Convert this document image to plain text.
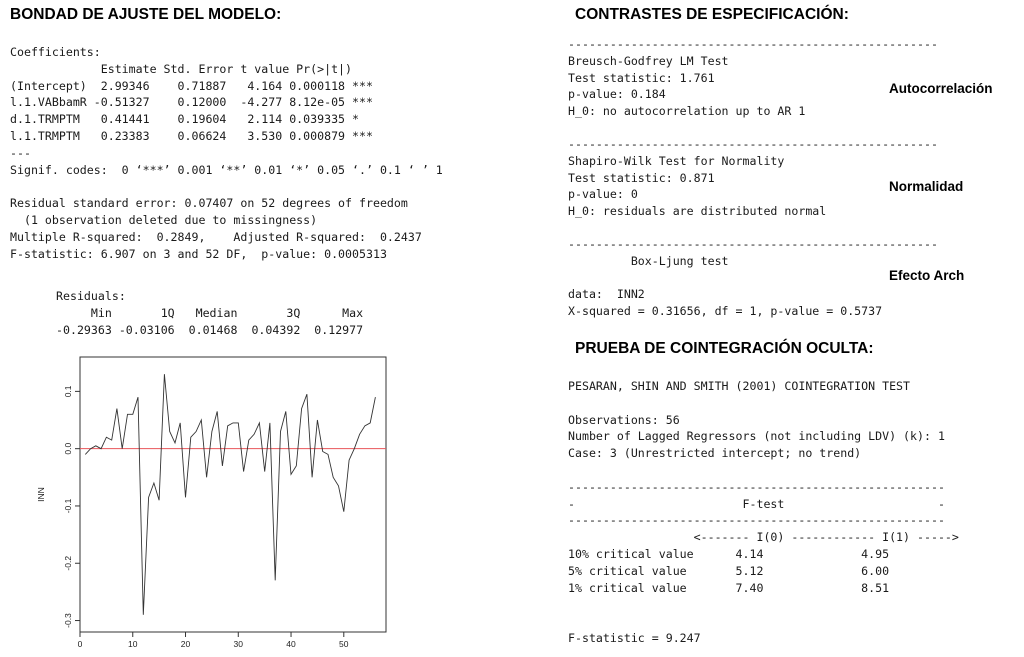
BONDAD DE AJUSTE DEL MODELO:
Coefficients:
Estimate Std. Error t value Pr(>|t|)
(Intercept)  2.99346    0.71887   4.164 0.000118 ***
l.1.VABbamR -0.51327    0.12000  -4.277 8.12e-05 ***
d.1.TRMPTM   0.41441    0.19604   2.114 0.039335 *
l.1.TRMPTM   0.23383    0.06624   3.530 0.000879 ***
---
Signif. codes:  0 ‘***’ 0.001 ‘**’ 0.01 ‘*’ 0.05 ‘.’ 0.1 ‘ ’ 1
Residual standard error: 0.07407 on 52 degrees of freedom
(1 observation deleted due to missingness)
Multiple R-squared:  0.2849,    Adjusted R-squared:  0.2437
F-statistic: 6.907 on 3 and 52 DF,  p-value: 0.0005313
Residuals:
Min       1Q   Median       3Q      Max
-0.29363 -0.03106  0.01468  0.04392  0.12977
0	10	20	30	40	50
0.1
0.0
-0.1
-0.2
-0.3
INN
CONTRASTES DE ESPECIFICACIÓN:
-----------------------------------------------------
Breusch-Godfrey LM Test
Test statistic: 1.761
p-value: 0.184
H_0: no autocorrelation up to AR 1
-----------------------------------------------------
Shapiro-Wilk Test for Normality
Test statistic: 0.871
p-value: 0
H_0: residuals are distributed normal
-----------------------------------------------------
Box-Ljung test
data:  INN2
X-squared = 0.31656, df = 1, p-value = 0.5737
Autocorrelación
Normalidad
Efecto Arch
PRUEBA DE COINTEGRACIÓN OCULTA:
PESARAN, SHIN AND SMITH (2001) COINTEGRATION TEST
Observations: 56
Number of Lagged Regressors (not including LDV) (k): 1
Case: 3 (Unrestricted intercept; no trend)
------------------------------------------------------
-                        F-test                      -
------------------------------------------------------
<------- I(0) ------------ I(1) ----->
10% critical value      4.14              4.95
5% critical value       5.12              6.00
1% critical value       7.40              8.51
F-statistic = 9.247
